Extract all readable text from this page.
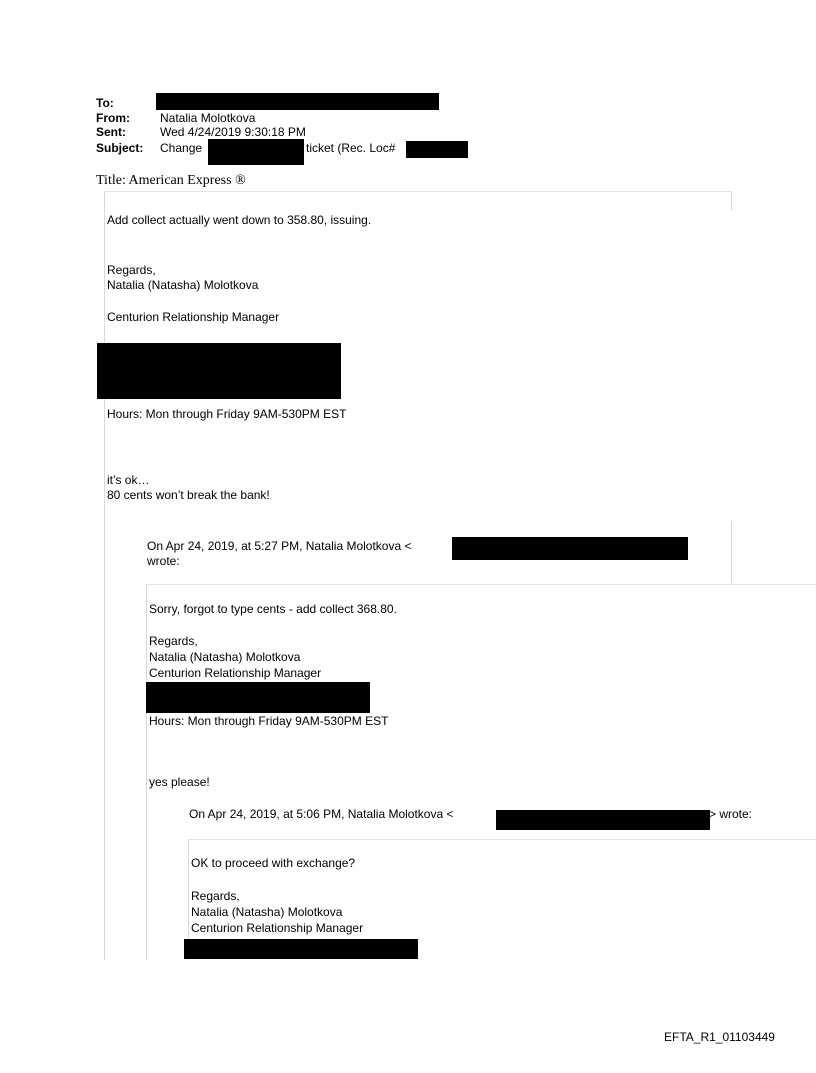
To:
From:	Natalia Molotkova
Sent:	Wed 4/24/2019 9:30:18 PM
Subject: Change	ticket (Rec. Loc#
Title: American Express ®
Add collect actually went down to 358.80, issuing.
Regards,
Natalia (Natasha) Molotkova
Centurion Relationship Manager
Hours: Mon through Friday 9AM-530PM EST
it’s ok…
80 cents won’t break the bank!
On Apr 24, 2019, at 5:27 PM, Natalia Molotkova <
wrote:
Sorry, forgot to type cents - add collect 368.80.
Regards,
Natalia (Natasha) Molotkova
Centurion Relationship Manager
Hours: Mon through Friday 9AM-530PM EST
yes please!
On Apr 24, 2019, at 5:06 PM, Natalia Molotkova <	> wrote:
OK to proceed with exchange?
Regards,
Natalia (Natasha) Molotkova
Centurion Relationship Manager
EFTA_R1_01103449
